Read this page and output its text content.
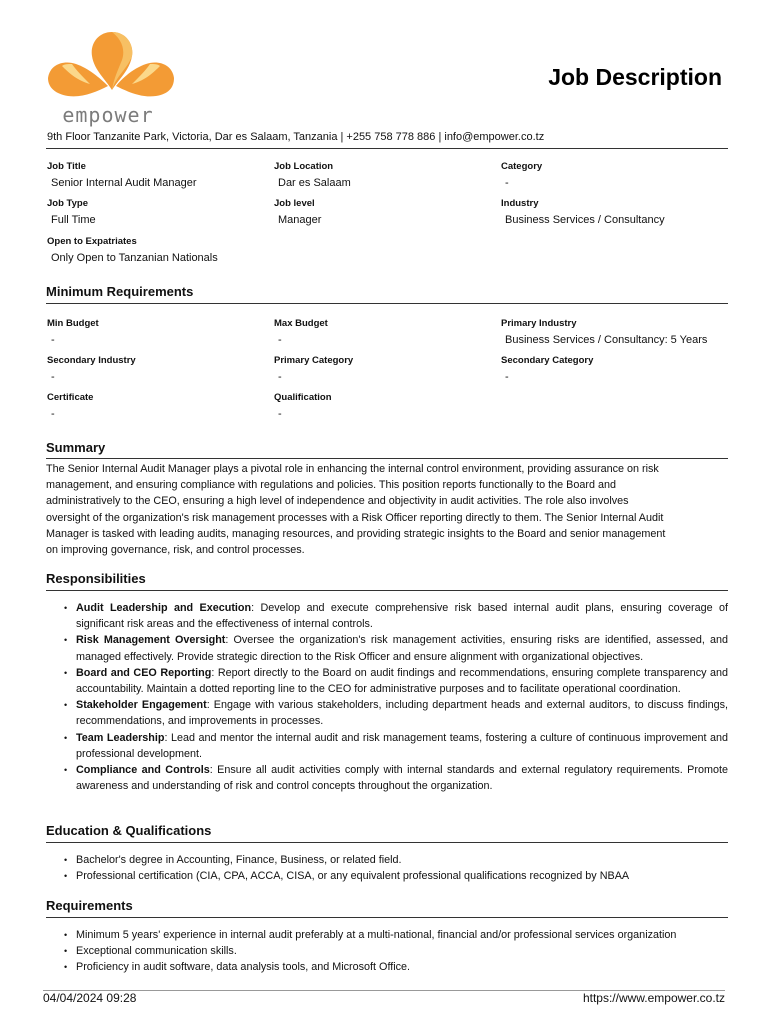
empower
Job Description
9th Floor Tanzanite Park, Victoria, Dar es Salaam, Tanzania | +255 758 778 886 | info@empower.co.tz
Job Title
Senior Internal Audit Manager
Job Location
Dar es Salaam
Category
-
Job Type
Full Time
Job level
Manager
Industry
Business Services / Consultancy
Open to Expatriates
Only Open to Tanzanian Nationals
Minimum Requirements
Min Budget
-
Max Budget
-
Primary Industry
Business Services / Consultancy: 5 Years
Secondary Industry
-
Primary Category
-
Secondary Category
-
Certificate
-
Qualification
-
Summary
The Senior Internal Audit Manager plays a pivotal role in enhancing the internal control environment, providing assurance on risk
management, and ensuring compliance with regulations and policies. This position reports functionally to the Board and
administratively to the CEO, ensuring a high level of independence and objectivity in audit activities. The role also involves
oversight of the organization's risk management processes with a Risk Officer reporting directly to them. The Senior Internal Audit
Manager is tasked with leading audits, managing resources, and providing strategic insights to the Board and senior management
on improving governance, risk, and control processes.
Responsibilities
• Audit Leadership and Execution: Develop and execute comprehensive risk based internal audit plans, ensuring coverage of significant risk areas and the effectiveness of internal controls.
• Risk Management Oversight: Oversee the organization's risk management activities, ensuring risks are identified, assessed, and managed effectively. Provide strategic direction to the Risk Officer and ensure alignment with organizational objectives.
• Board and CEO Reporting: Report directly to the Board on audit findings and recommendations, ensuring complete transparency and accountability. Maintain a dotted reporting line to the CEO for administrative purposes and to facilitate operational coordination.
• Stakeholder Engagement: Engage with various stakeholders, including department heads and external auditors, to discuss findings, recommendations, and improvements in processes.
• Team Leadership: Lead and mentor the internal audit and risk management teams, fostering a culture of continuous improvement and professional development.
• Compliance and Controls: Ensure all audit activities comply with internal standards and external regulatory requirements. Promote awareness and understanding of risk and control concepts throughout the organization.
Education & Qualifications
• Bachelor's degree in Accounting, Finance, Business, or related field.
• Professional certification (CIA, CPA, ACCA, CISA, or any equivalent professional qualifications recognized by NBAA
Requirements
• Minimum 5 years' experience in internal audit preferably at a multi-national, financial and/or professional services organization
• Exceptional communication skills.
• Proficiency in audit software, data analysis tools, and Microsoft Office.
04/04/2024 09:28	https://www.empower.co.tz
